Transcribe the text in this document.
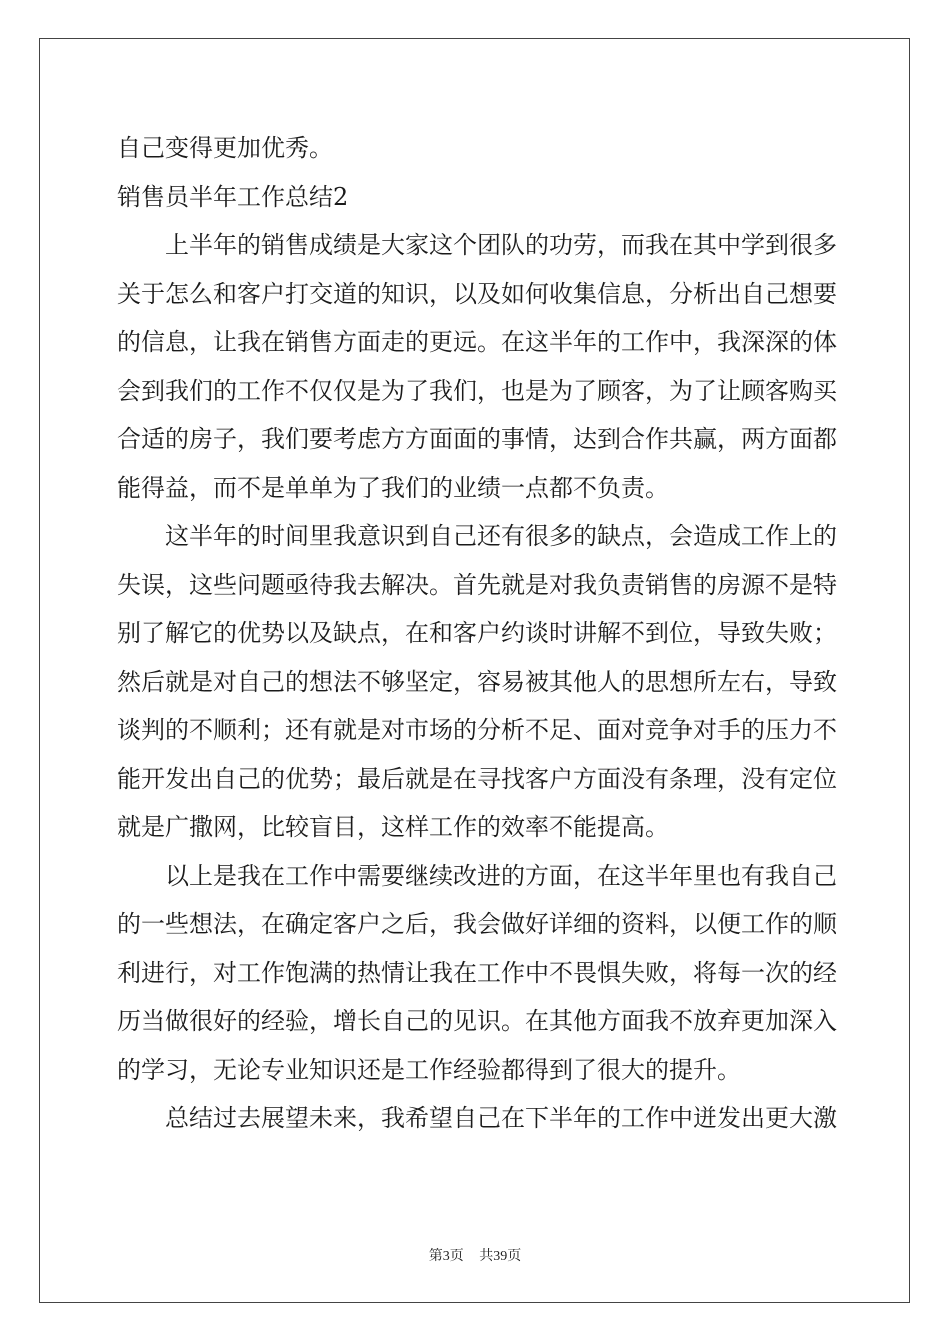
自己变得更加优秀。
销售员半年工作总结2
上半年的销售成绩是大家这个团队的功劳，而我在其中学到很多
关于怎么和客户打交道的知识，以及如何收集信息，分析出自己想要
的信息，让我在销售方面走的更远。在这半年的工作中，我深深的体
会到我们的工作不仅仅是为了我们，也是为了顾客，为了让顾客购买
合适的房子，我们要考虑方方面面的事情，达到合作共赢，两方面都
能得益，而不是单单为了我们的业绩一点都不负责。
这半年的时间里我意识到自己还有很多的缺点，会造成工作上的
失误，这些问题亟待我去解决。首先就是对我负责销售的房源不是特
别了解它的优势以及缺点，在和客户约谈时讲解不到位，导致失败；
然后就是对自己的想法不够坚定，容易被其他人的思想所左右，导致
谈判的不顺利；还有就是对市场的分析不足、面对竞争对手的压力不
能开发出自己的优势；最后就是在寻找客户方面没有条理，没有定位
就是广撒网，比较盲目，这样工作的效率不能提高。
以上是我在工作中需要继续改进的方面，在这半年里也有我自己
的一些想法，在确定客户之后，我会做好详细的资料，以便工作的顺
利进行，对工作饱满的热情让我在工作中不畏惧失败，将每一次的经
历当做很好的经验，增长自己的见识。在其他方面我不放弃更加深入
的学习，无论专业知识还是工作经验都得到了很大的提升。
总结过去展望未来，我希望自己在下半年的工作中迸发出更大激
第3页 共39页
